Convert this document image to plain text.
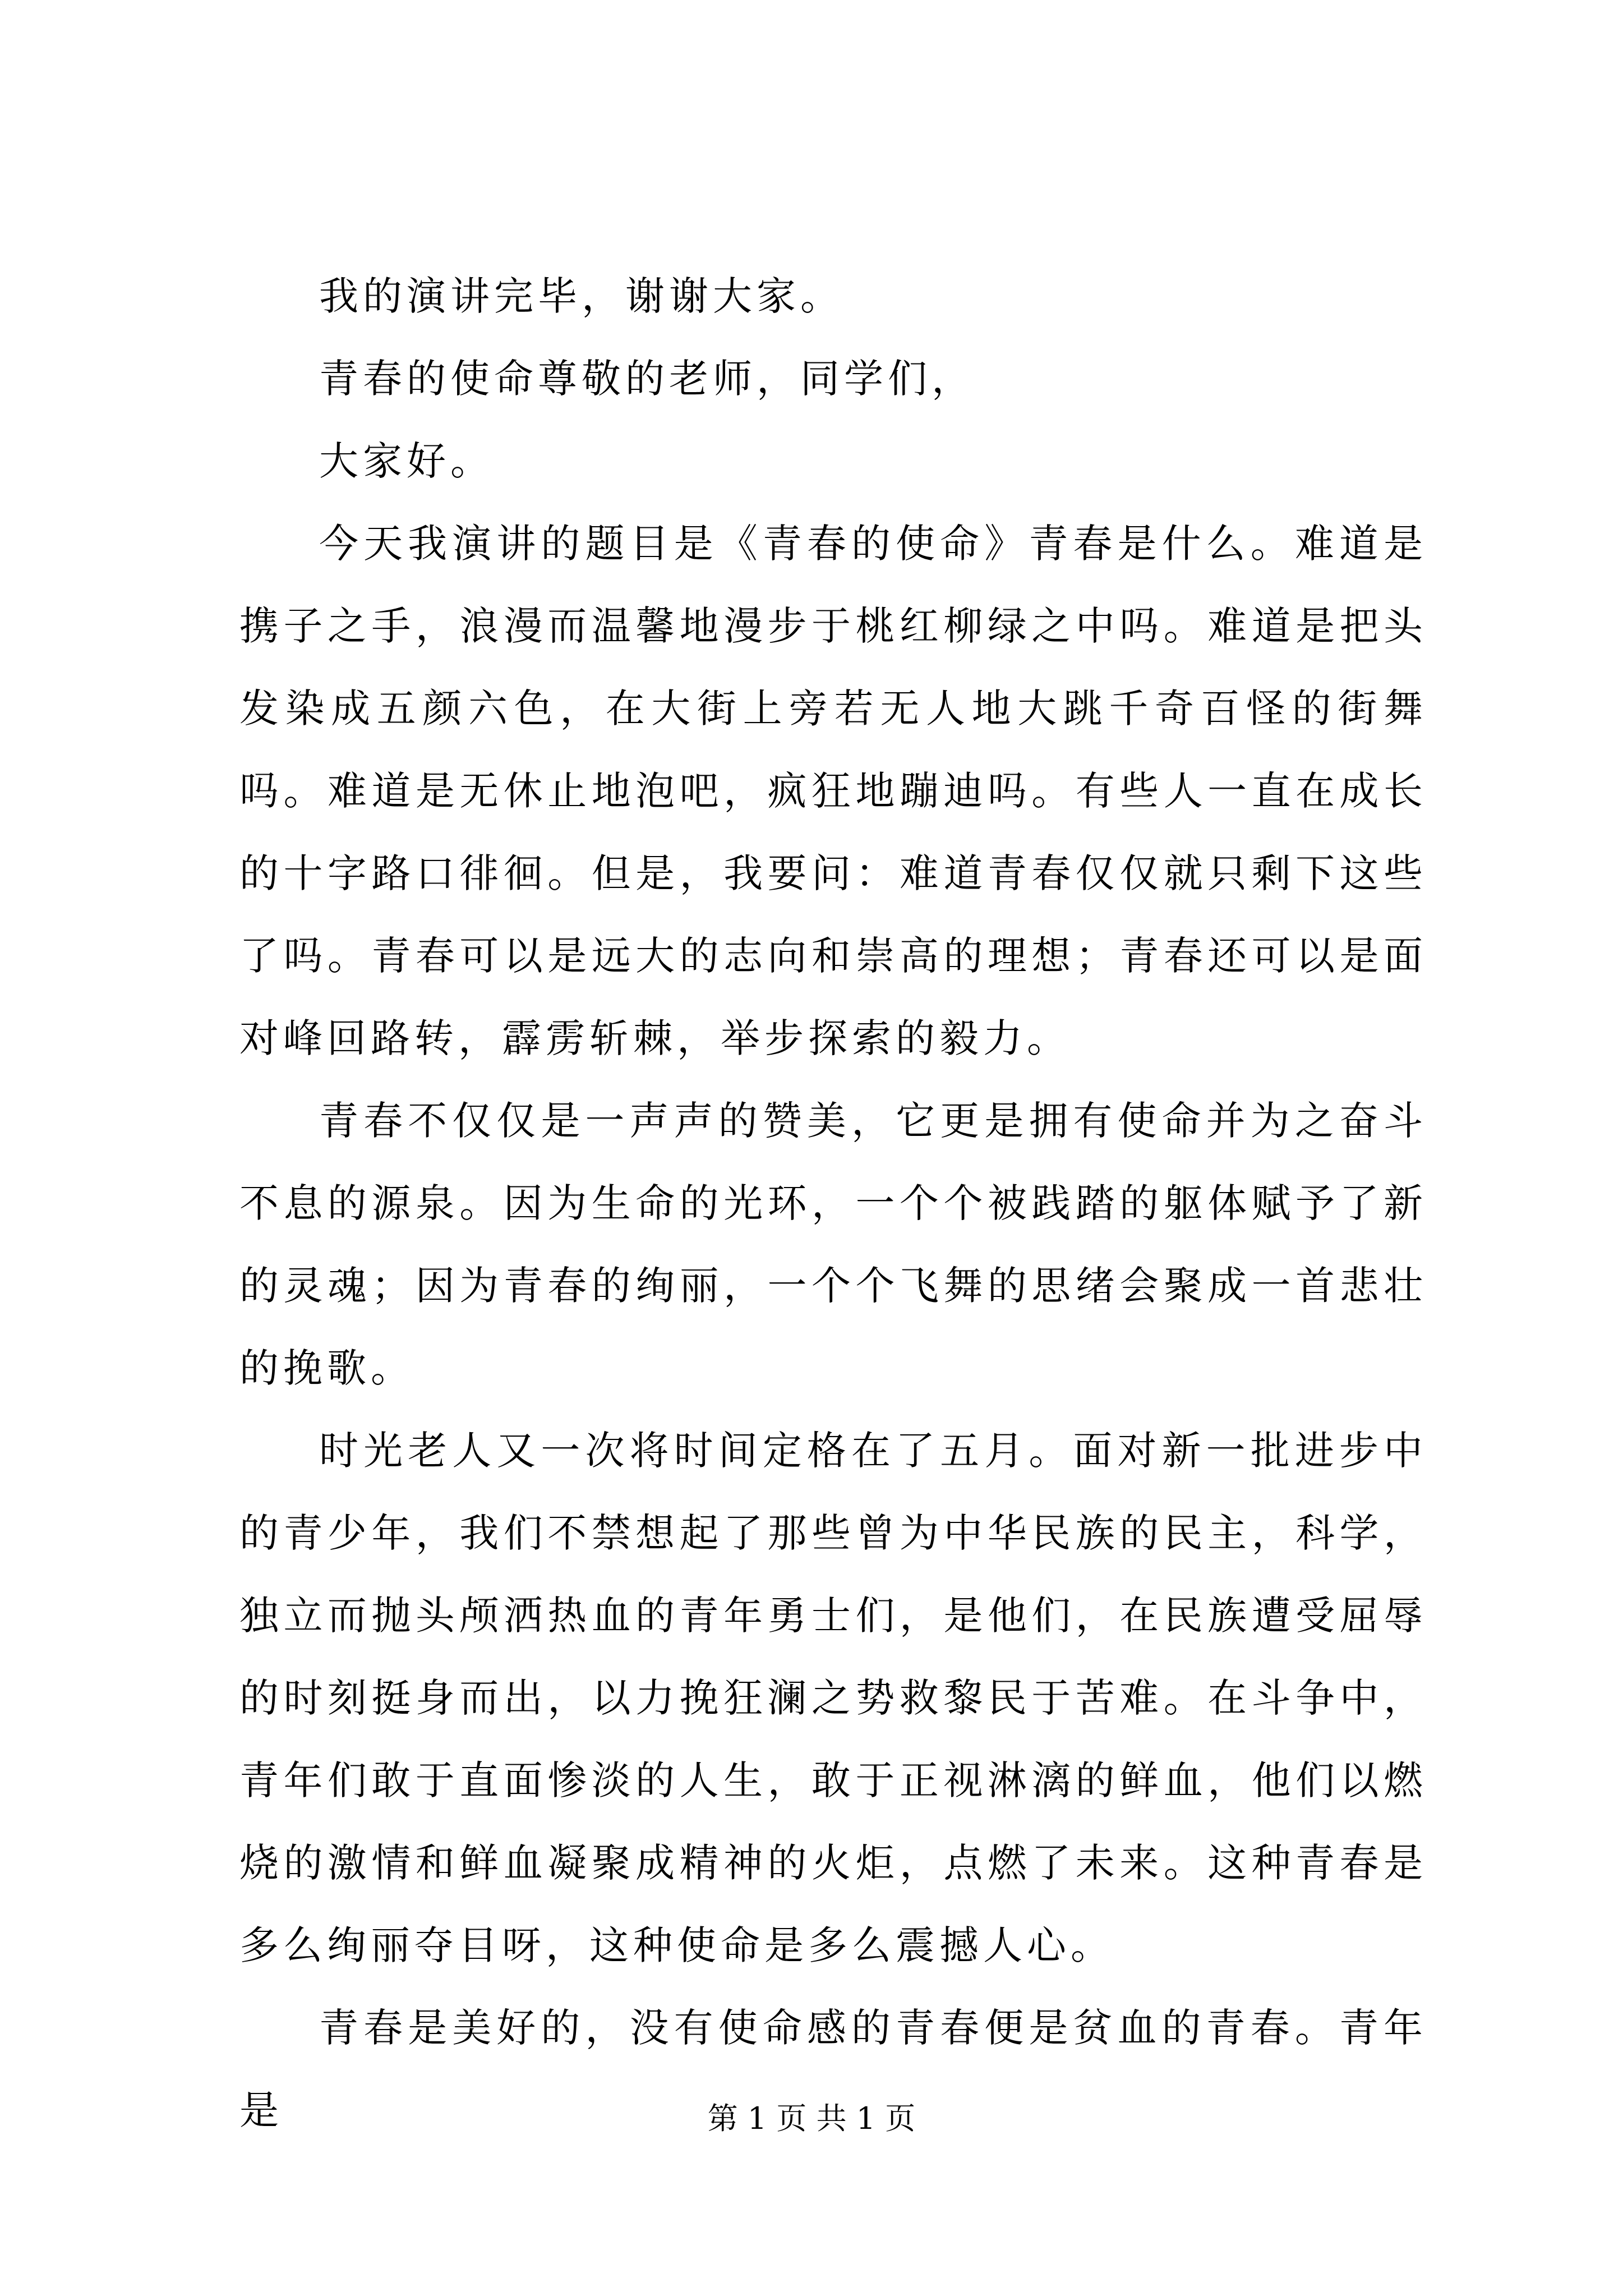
我的演讲完毕，谢谢大家。

青春的使命尊敬的老师，同学们，

大家好。

今天我演讲的题目是《青春的使命》青春是什么。难道是携子之手，浪漫而温馨地漫步于桃红柳绿之中吗。难道是把头发染成五颜六色，在大街上旁若无人地大跳千奇百怪的街舞吗。难道是无休止地泡吧，疯狂地蹦迪吗。有些人一直在成长的十字路口徘徊。但是，我要问：难道青春仅仅就只剩下这些了吗。青春可以是远大的志向和崇高的理想；青春还可以是面对峰回路转，霹雳斩棘，举步探索的毅力。

青春不仅仅是一声声的赞美，它更是拥有使命并为之奋斗不息的源泉。因为生命的光环，一个个被践踏的躯体赋予了新的灵魂；因为青春的绚丽，一个个飞舞的思绪会聚成一首悲壮的挽歌。

时光老人又一次将时间定格在了五月。面对新一批进步中的青少年，我们不禁想起了那些曾为中华民族的民主，科学，独立而抛头颅洒热血的青年勇士们，是他们，在民族遭受屈辱的时刻挺身而出，以力挽狂澜之势救黎民于苦难。在斗争中，青年们敢于直面惨淡的人生，敢于正视淋漓的鲜血，他们以燃烧的激情和鲜血凝聚成精神的火炬，点燃了未来。这种青春是多么绚丽夺目呀，这种使命是多么震撼人心。

青春是美好的，没有使命感的青春便是贫血的青春。青年是	第 1 页 共 1 页
